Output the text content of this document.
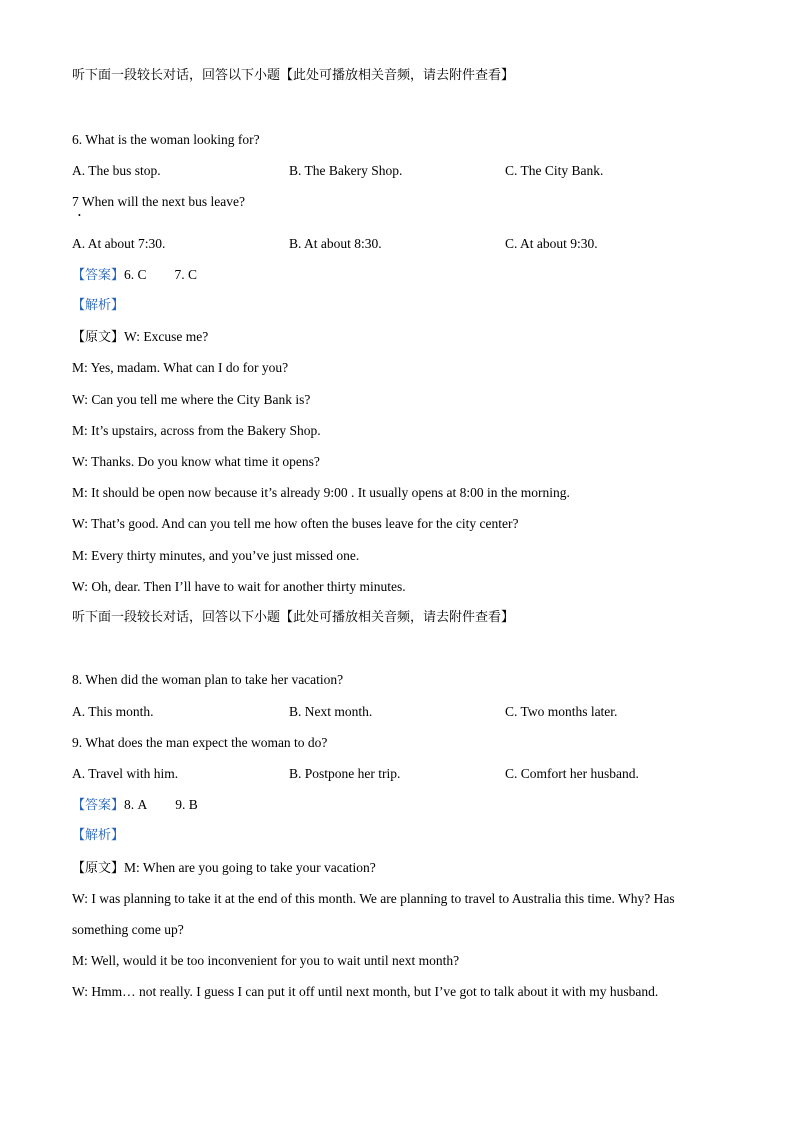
听下面一段较长对话，回答以下小题【此处可播放相关音频，请去附件查看】
6. What is the woman looking for?
A. The bus stop.	B. The Bakery Shop.	C. The City Bank.
7 When will the next bus leave?
•
A. At about 7:30.	B. At about 8:30.	C. At about 9:30.
【答案】6. C 7. C
【解析】
【原文】W: Excuse me?
M: Yes, madam. What can I do for you?
W: Can you tell me where the City Bank is?
M: It’s upstairs, across from the Bakery Shop.
W: Thanks. Do you know what time it opens?
M: It should be open now because it’s already 9:00 . It usually opens at 8:00 in the morning.
W: That’s good. And can you tell me how often the buses leave for the city center?
M: Every thirty minutes, and you’ve just missed one.
W: Oh, dear. Then I’ll have to wait for another thirty minutes.
听下面一段较长对话，回答以下小题【此处可播放相关音频，请去附件查看】
8. When did the woman plan to take her vacation?
A. This month.	B. Next month.	C. Two months later.
9. What does the man expect the woman to do?
A. Travel with him.	B. Postpone her trip.	C. Comfort her husband.
【答案】8. A 9. B
【解析】
【原文】M: When are you going to take your vacation?
W: I was planning to take it at the end of this month. We are planning to travel to Australia this time. Why? Has
something come up?
M: Well, would it be too inconvenient for you to wait until next month?
W: Hmm… not really. I guess I can put it off until next month, but I’ve got to talk about it with my husband.
